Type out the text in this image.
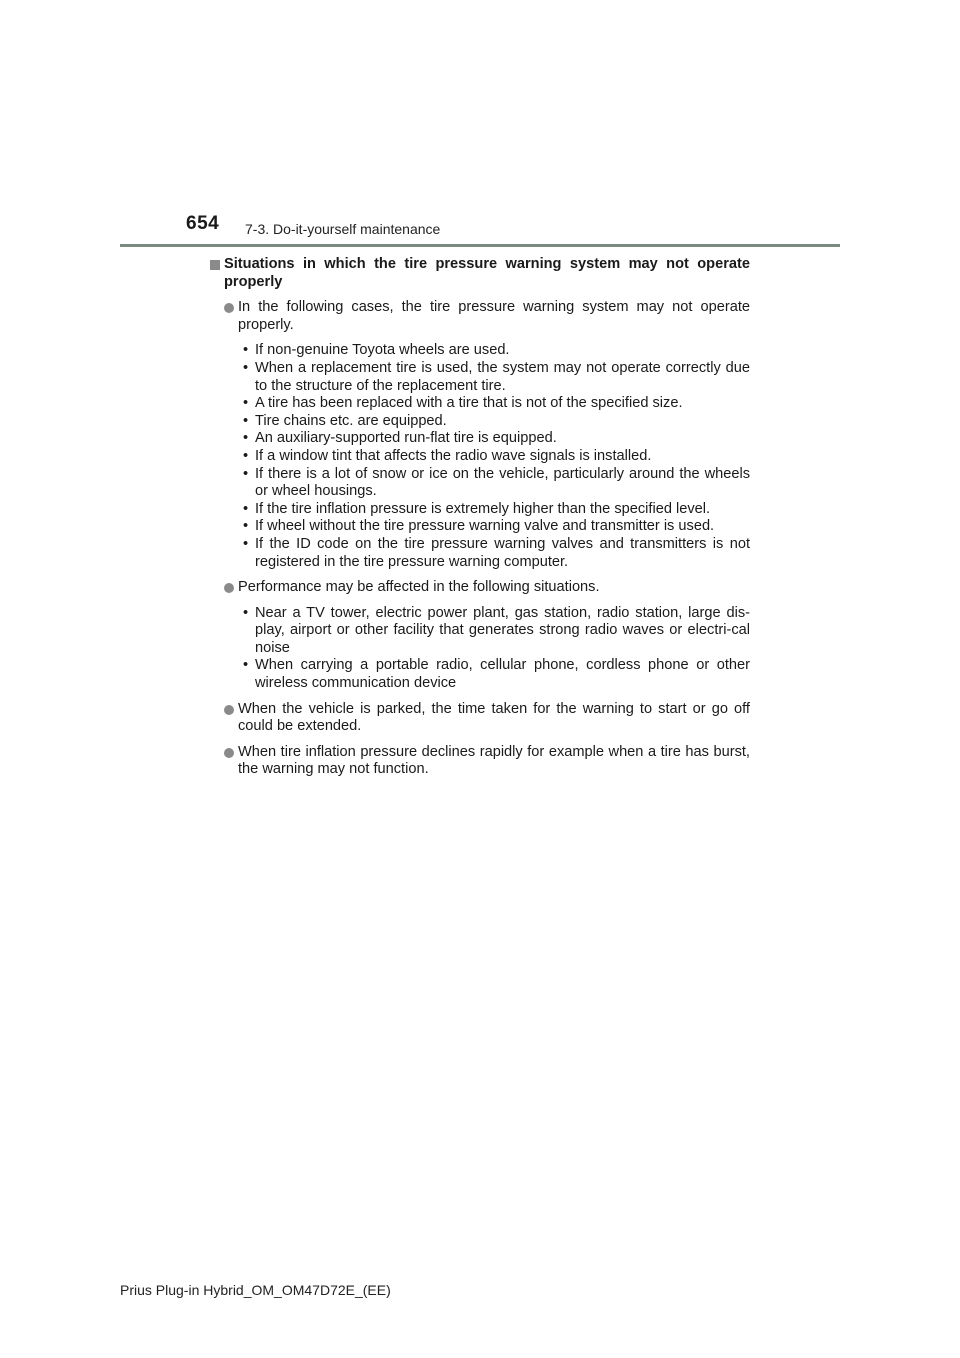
654 7-3. Do-it-yourself maintenance
Situations in which the tire pressure warning system may not operate properly
In the following cases, the tire pressure warning system may not operate properly.
• If non-genuine Toyota wheels are used.
• When a replacement tire is used, the system may not operate correctly due to the structure of the replacement tire.
• A tire has been replaced with a tire that is not of the specified size.
• Tire chains etc. are equipped.
• An auxiliary-supported run-flat tire is equipped.
• If a window tint that affects the radio wave signals is installed.
• If there is a lot of snow or ice on the vehicle, particularly around the wheels or wheel housings.
• If the tire inflation pressure is extremely higher than the specified level.
• If wheel without the tire pressure warning valve and transmitter is used.
• If the ID code on the tire pressure warning valves and transmitters is not registered in the tire pressure warning computer.
Performance may be affected in the following situations.
• Near a TV tower, electric power plant, gas station, radio station, large dis-play, airport or other facility that generates strong radio waves or electri-cal noise
• When carrying a portable radio, cellular phone, cordless phone or other wireless communication device
When the vehicle is parked, the time taken for the warning to start or go off could be extended.
When tire inflation pressure declines rapidly for example when a tire has burst, the warning may not function.
Prius Plug-in Hybrid_OM_OM47D72E_(EE)
